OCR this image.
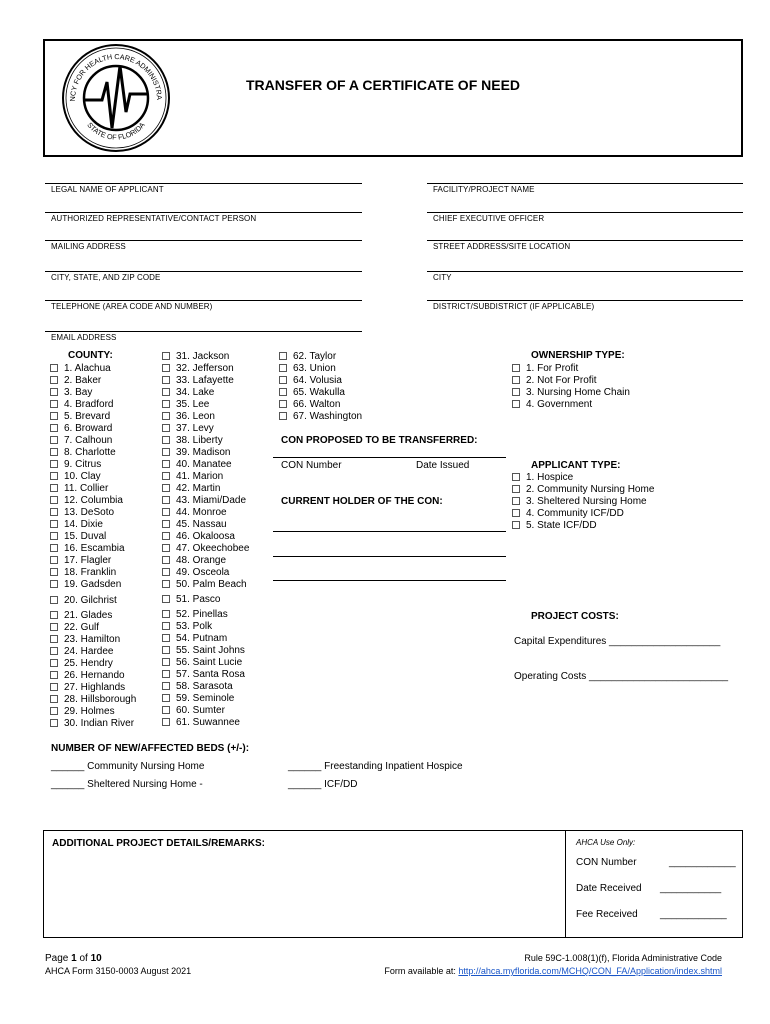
NCY FOR HEALTH CARE ADMINISTRA
STATE OF FLORIDA
TRANSFER OF A CERTIFICATE OF NEED
LEGAL NAME OF APPLICANT
AUTHORIZED REPRESENTATIVE/CONTACT PERSON
MAILING ADDRESS
CITY, STATE, AND ZIP CODE
TELEPHONE (AREA CODE AND NUMBER)
EMAIL ADDRESS
FACILITY/PROJECT NAME
CHIEF EXECUTIVE OFFICER
STREET ADDRESS/SITE LOCATION
CITY
DISTRICT/SUBDISTRICT (IF APPLICABLE)
COUNTY:
1. Alachua
2. Baker
3. Bay
4. Bradford
5. Brevard
6. Broward
7. Calhoun
8. Charlotte
9. Citrus
10. Clay
11. Collier
12. Columbia
13. DeSoto
14. Dixie
15. Duval
16. Escambia
17. Flagler
18. Franklin
19. Gadsden
20. Gilchrist
21. Glades
22. Gulf
23. Hamilton
24. Hardee
25. Hendry
26. Hernando
27. Highlands
28. Hillsborough
29. Holmes
30. Indian River
31. Jackson
32. Jefferson
33. Lafayette
34. Lake
35. Lee
36. Leon
37. Levy
38. Liberty
39. Madison
40. Manatee
41. Marion
42. Martin
43. Miami/Dade
44. Monroe
45. Nassau
46. Okaloosa
47. Okeechobee
48. Orange
49. Osceola
50. Palm Beach
51. Pasco
52. Pinellas
53. Polk
54. Putnam
55. Saint Johns
56. Saint Lucie
57. Santa Rosa
58. Sarasota
59. Seminole
60. Sumter
61. Suwannee
62. Taylor
63. Union
64. Volusia
65. Wakulla
66. Walton
67. Washington
CON PROPOSED TO BE TRANSFERRED:
CON Number	Date Issued
CURRENT HOLDER OF THE CON:
OWNERSHIP TYPE:
1. For Profit
2. Not For Profit
3. Nursing Home Chain
4. Government
APPLICANT TYPE:
1. Hospice
2. Community Nursing Home
3. Sheltered Nursing Home
4. Community ICF/DD
5. State ICF/DD
PROJECT COSTS:
Capital Expenditures ____________________
Operating Costs _________________________
NUMBER OF NEW/AFFECTED BEDS (+/-):
______ Community Nursing Home
______ Sheltered Nursing Home -
______ Freestanding Inpatient Hospice
______ ICF/DD
ADDITIONAL PROJECT DETAILS/REMARKS:	AHCA Use Only:
CON Number	____________
Date Received ___________
Fee Received ____________
Page 1 of 10
AHCA Form 3150-0003 August 2021
Rule 59C-1.008(1)(f), Florida Administrative Code
Form available at: http://ahca.myflorida.com/MCHQ/CON_FA/Application/index.shtml
